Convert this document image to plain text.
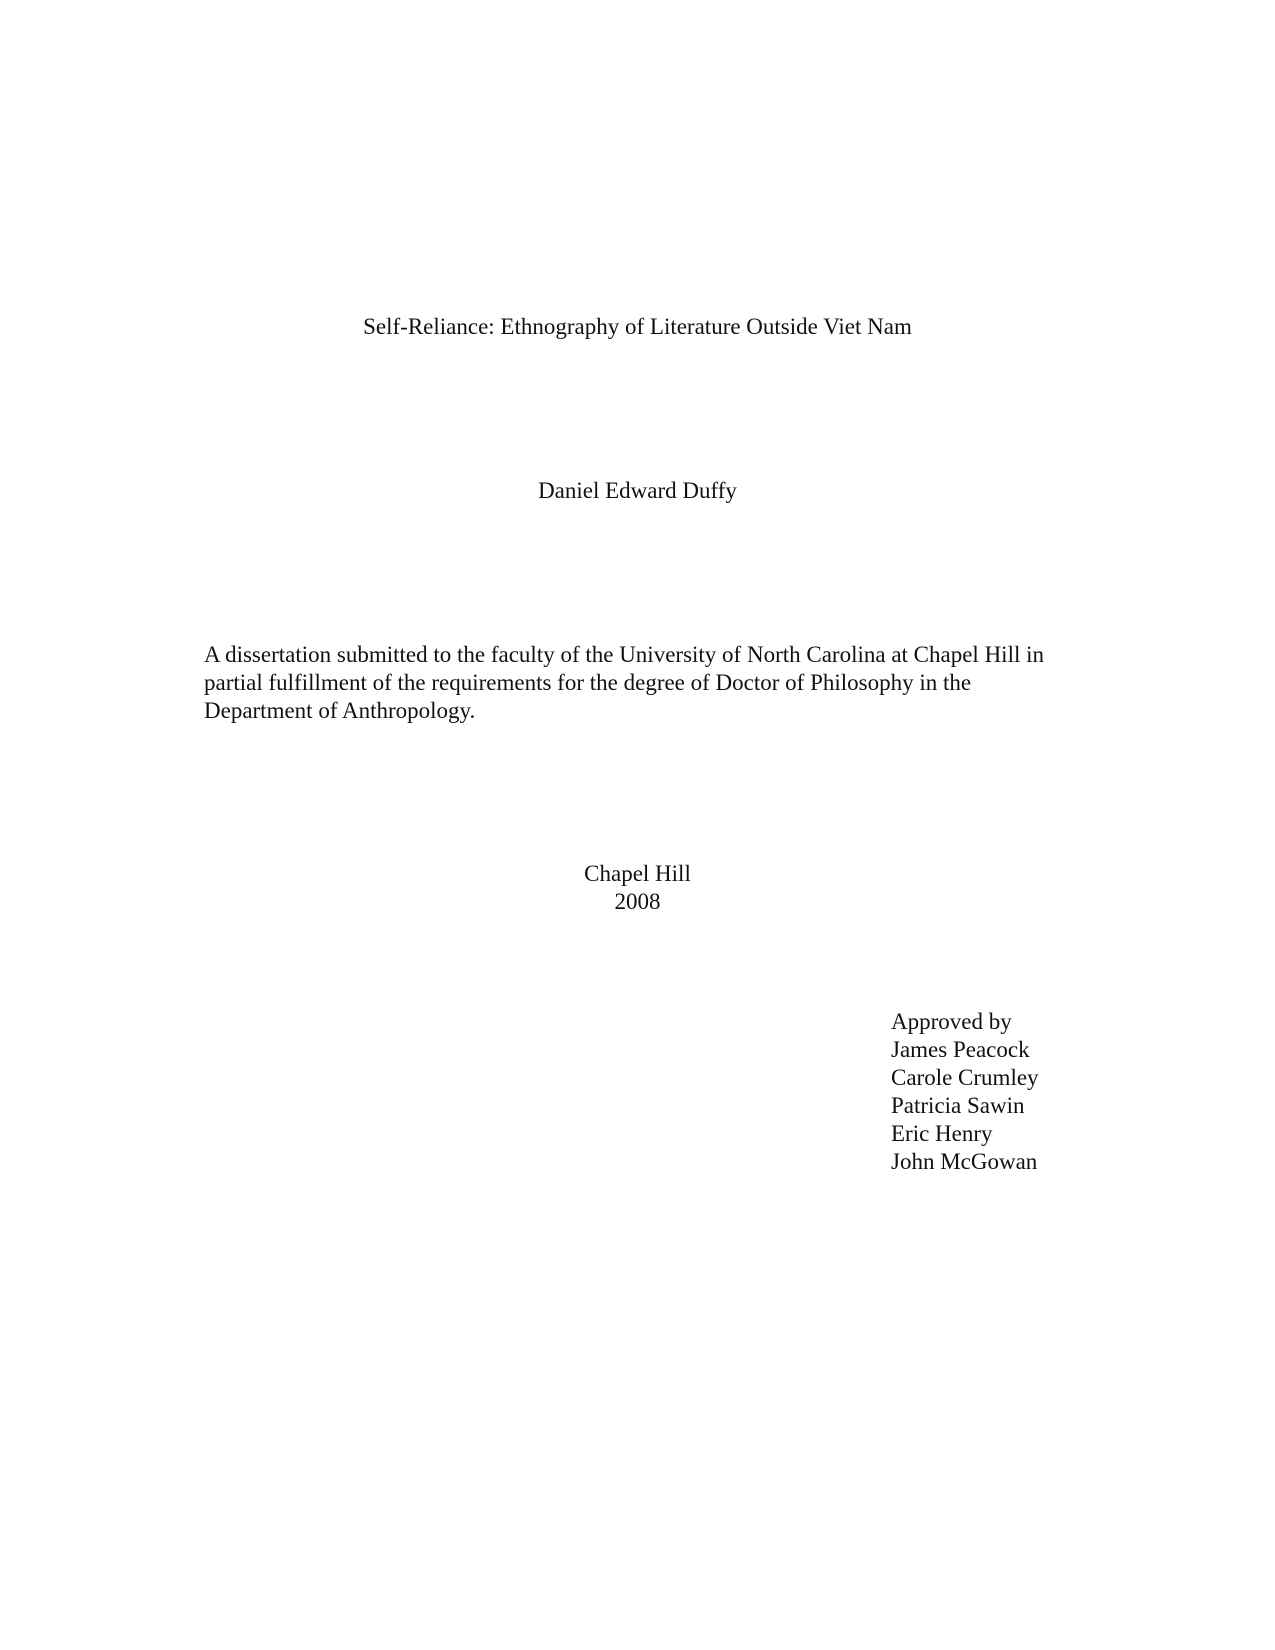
Self-Reliance: Ethnography of Literature Outside Viet Nam
Daniel Edward Duffy
A dissertation submitted to the faculty of the University of North Carolina at Chapel Hill in
partial fulfillment of the requirements for the degree of Doctor of Philosophy in the
Department of Anthropology.
Chapel Hill
2008
Approved by
James Peacock
Carole Crumley
Patricia Sawin
Eric Henry
John McGowan
